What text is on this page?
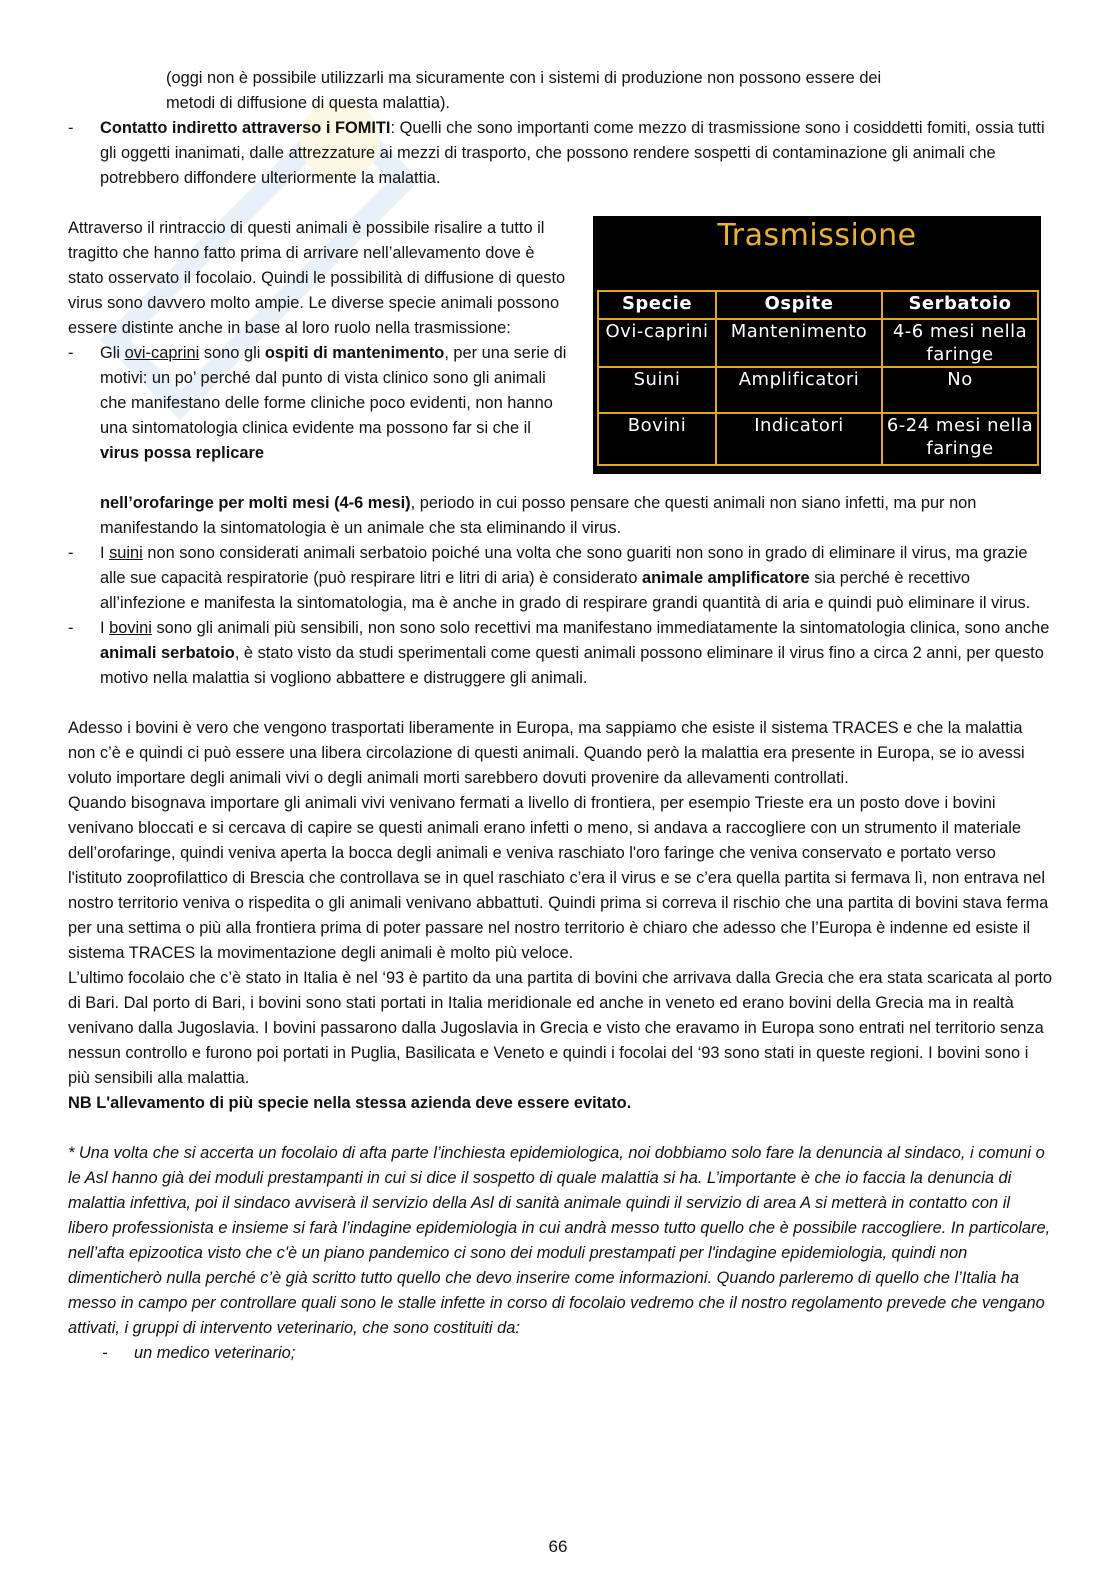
(oggi non è possibile utilizzarli ma sicuramente con i sistemi di produzione non possono essere dei

metodi di diffusione di questa malattia).

-	Contatto indiretto attraverso i FOMITI: Quelli che sono importanti come mezzo di trasmissione sono i cosiddetti fomiti, ossia tutti gli oggetti inanimati, dalle attrezzature ai mezzi di trasporto, che possono rendere sospetti di contaminazione gli animali che potrebbero diffondere ulteriormente la malattia.

Attraverso il rintraccio di questi animali è possibile risalire a tutto il tragitto che hanno fatto prima di arrivare nell’allevamento dove è stato osservato il focolaio. Quindi le possibilità di diffusione di questo virus sono davvero molto ampie. Le diverse specie animali possono essere distinte anche in base al loro ruolo nella trasmissione:

-	Gli ovi-caprini sono gli ospiti di mantenimento, per una serie di motivi: un po’ perché dal punto di vista clinico sono gli animali che manifestano delle forme cliniche poco evidenti, non hanno una sintomatologia clinica evidente ma possono far si che il virus possa replicare

nell’orofaringe per molti mesi (4-6 mesi), periodo in cui posso pensare che questi animali non siano infetti, ma pur non manifestando la sintomatologia è un animale che sta eliminando il virus.

-	I suini non sono considerati animali serbatoio poiché una volta che sono guariti non sono in grado di eliminare il virus, ma grazie alle sue capacità respiratorie (può respirare litri e litri di aria) è considerato animale amplificatore sia perché è recettivo all’infezione e manifesta la sintomatologia, ma è anche in grado di respirare grandi quantità di aria e quindi può eliminare il virus.

-	I bovini sono gli animali più sensibili, non sono solo recettivi ma manifestano immediatamente la sintomatologia clinica, sono anche animali serbatoio, è stato visto da studi sperimentali come questi animali possono eliminare il virus fino a circa 2 anni, per questo motivo nella malattia si vogliono abbattere e distruggere gli animali.

Adesso i bovini è vero che vengono trasportati liberamente in Europa, ma sappiamo che esiste il sistema TRACES e che la malattia non c’è e quindi ci può essere una libera circolazione di questi animali. Quando però la malattia era presente in Europa, se io avessi voluto importare degli animali vivi o degli animali morti sarebbero dovuti provenire da allevamenti controllati.

Quando bisognava importare gli animali vivi venivano fermati a livello di frontiera, per esempio Trieste era un posto dove i bovini venivano bloccati e si cercava di capire se questi animali erano infetti o meno, si andava a raccogliere con un strumento il materiale dell’orofaringe, quindi veniva aperta la bocca degli animali e veniva raschiato l'oro faringe che veniva conservato e portato verso l'istituto zooprofilattico di Brescia che controllava se in quel raschiato c’era il virus e se c’era quella partita si fermava lì, non entrava nel nostro territorio veniva o rispedita o gli animali venivano abbattuti. Quindi prima si correva il rischio che una partita di bovini stava ferma per una settima o più alla frontiera prima di poter passare nel nostro territorio è chiaro che adesso che l’Europa è indenne ed esiste il sistema TRACES la movimentazione degli animali è molto più veloce.

L’ultimo focolaio che c’è stato in Italia è nel ‘93 è partito da una partita di bovini che arrivava dalla Grecia che era stata scaricata al porto di Bari. Dal porto di Bari, i bovini sono stati portati in Italia meridionale ed anche in veneto ed erano bovini della Grecia ma in realtà venivano dalla Jugoslavia. I bovini passarono dalla Jugoslavia in Grecia e visto che eravamo in Europa sono entrati nel territorio senza nessun controllo e furono poi portati in Puglia, Basilicata e Veneto e quindi i focolai del ‘93 sono stati in queste regioni. I bovini sono i più sensibili alla malattia.

NB L'allevamento di più specie nella stessa azienda deve essere evitato.

* Una volta che si accerta un focolaio di afta parte l’inchiesta epidemiologica, noi dobbiamo solo fare la denuncia al sindaco, i comuni o le Asl hanno già dei moduli prestampanti in cui si dice il sospetto di quale malattia si ha. L’importante è che io faccia la denuncia di malattia infettiva, poi il sindaco avviserà il servizio della Asl di sanità animale quindi il servizio di area A si metterà in contatto con il libero professionista e insieme si farà l’indagine epidemiologia in cui andrà messo tutto quello che è possibile raccogliere. In particolare, nell’afta epizootica visto che c'è un piano pandemico ci sono dei moduli prestampati per l'indagine epidemiologia, quindi non dimenticherò nulla perché c’è già scritto tutto quello che devo inserire come informazioni. Quando parleremo di quello che l’Italia ha messo in campo per controllare quali sono le stalle infette in corso di focolaio vedremo che il nostro regolamento prevede che vengano attivati, i gruppi di intervento veterinario, che sono costituiti da:

-	un medico veterinario;

Trasmissione
Specie	Ospite	Serbatoio
Ovi-caprini	Mantenimento	4-6 mesi nella faringe
Suini	Amplificatori	No
Bovini	Indicatori	6-24 mesi nella faringe
66
